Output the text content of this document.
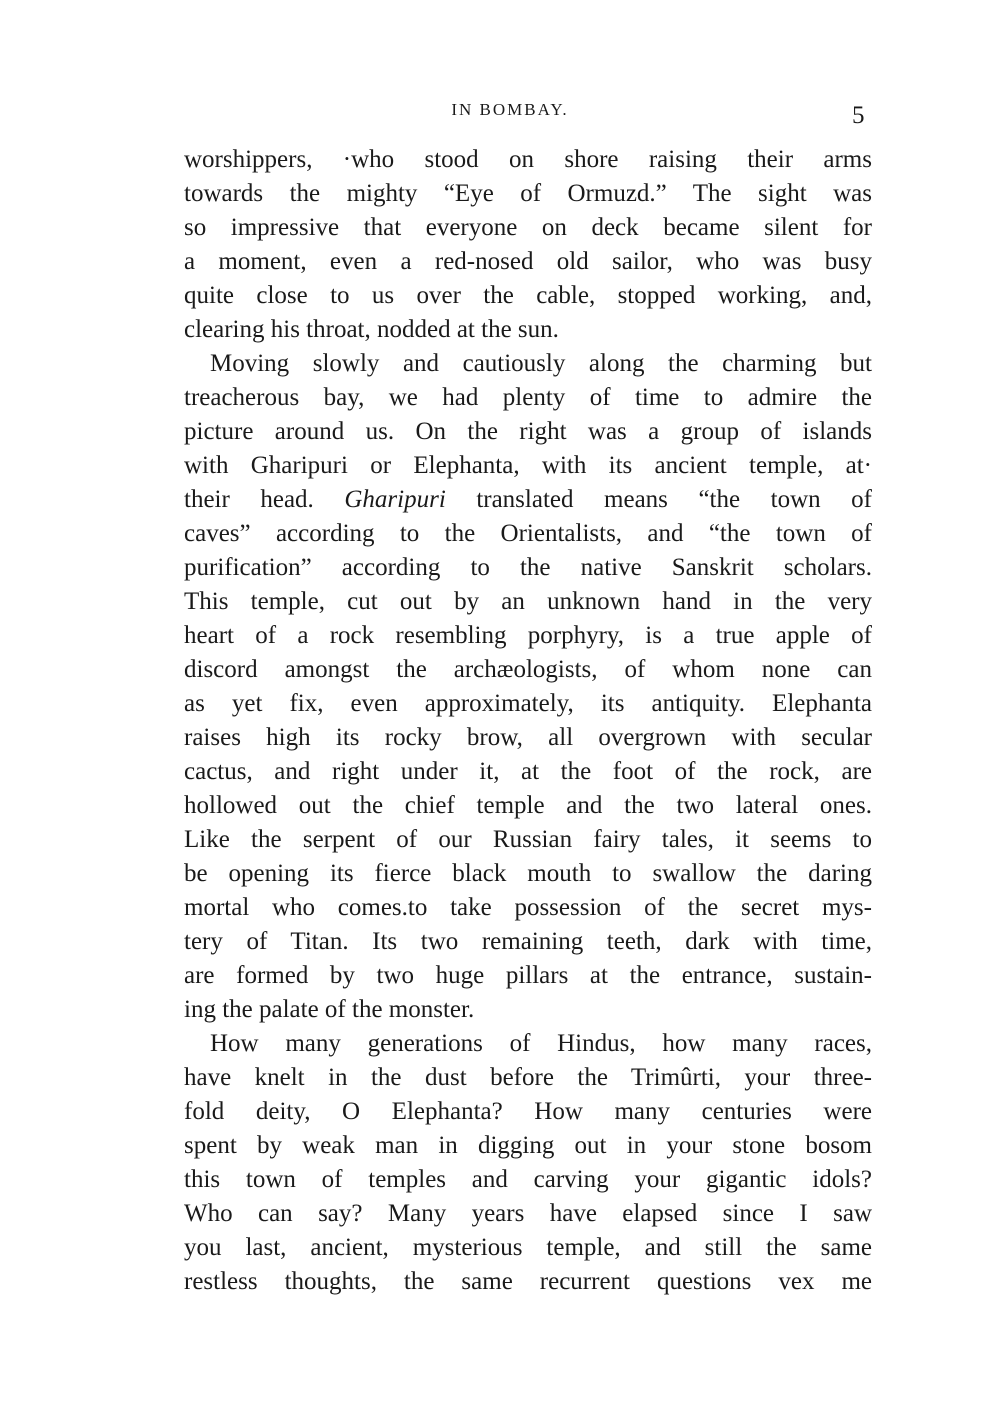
IN BOMBAY.	5
worshippers, ·who stood on shore raising their arms
towards the mighty “Eye of Ormuzd.” The sight was
so impressive that everyone on deck became silent for
a moment, even a red-nosed old sailor, who was busy
quite close to us over the cable, stopped working, and,
clearing his throat, nodded at the sun.
Moving slowly and cautiously along the charming but
treacherous bay, we had plenty of time to admire the
picture around us. On the right was a group of islands
with Gharipuri or Elephanta, with its ancient temple, at·
their head. Gharipuri translated means “the town of
caves” according to the Orientalists, and “the town of
purification” according to the native Sanskrit scholars.
This temple, cut out by an unknown hand in the very
heart of a rock resembling porphyry, is a true apple of
discord amongst the archæologists, of whom none can
as yet fix, even approximately, its antiquity. Elephanta
raises high its rocky brow, all overgrown with secular
cactus, and right under it, at the foot of the rock, are
hollowed out the chief temple and the two lateral ones.
Like the serpent of our Russian fairy tales, it seems to
be opening its fierce black mouth to swallow the daring
mortal who comes.to take possession of the secret mys-
tery of Titan. Its two remaining teeth, dark with time,
are formed by two huge pillars at the entrance, sustain-
ing the palate of the monster.
How many generations of Hindus, how many races,
have knelt in the dust before the Trimûrti, your three-
fold deity, O Elephanta? How many centuries were
spent by weak man in digging out in your stone bosom
this town of temples and carving your gigantic idols?
Who can say? Many years have elapsed since I saw
you last, ancient, mysterious temple, and still the same
restless thoughts, the same recurrent questions vex me
